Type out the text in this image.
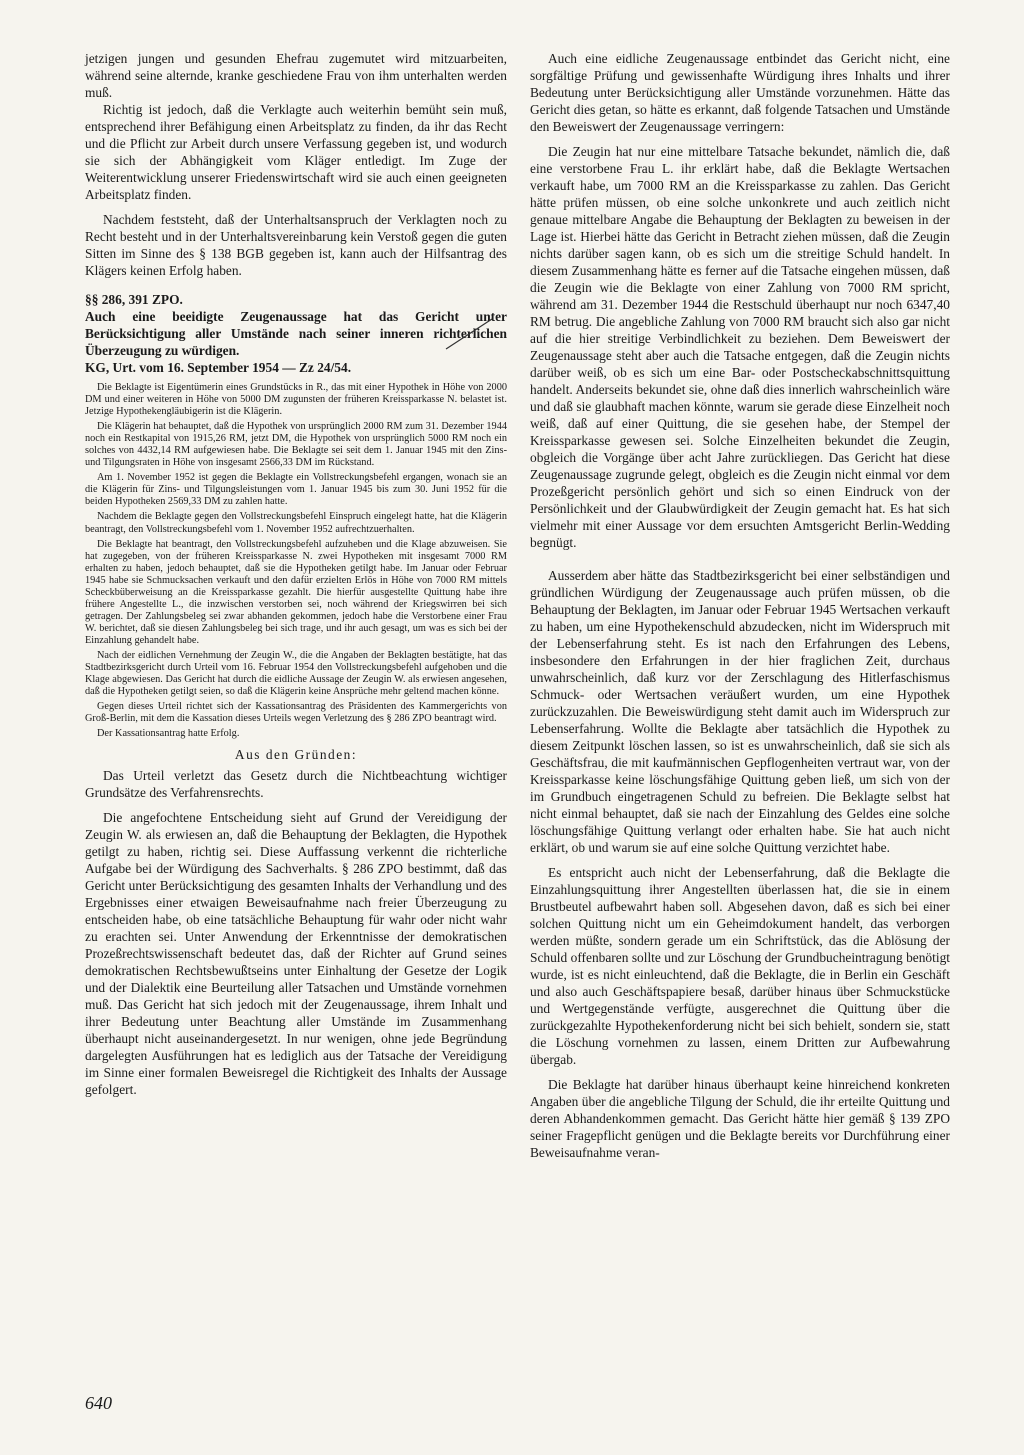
jetzigen jungen und gesunden Ehefrau zugemutet wird mitzuarbeiten, während seine alternde, kranke geschiedene Frau von ihm unterhalten werden muß.

Richtig ist jedoch, daß die Verklagte auch weiterhin bemüht sein muß, entsprechend ihrer Befähigung einen Arbeitsplatz zu finden, da ihr das Recht und die Pflicht zur Arbeit durch unsere Verfassung gegeben ist, und wodurch sie sich der Abhängigkeit vom Kläger entledigt. Im Zuge der Weiterentwicklung unserer Friedenswirtschaft wird sie auch einen geeigneten Arbeitsplatz finden.

Nachdem feststeht, daß der Unterhaltsanspruch der Verklagten noch zu Recht besteht und in der Unterhaltsvereinbarung kein Verstoß gegen die guten Sitten im Sinne des § 138 BGB gegeben ist, kann auch der Hilfsantrag des Klägers keinen Erfolg haben.

§§ 286, 391 ZPO.

Auch eine beeidigte Zeugenaussage hat das Gericht unter Berücksichtigung aller Umstände nach seiner inneren richterlichen Überzeugung zu würdigen.

KG, Urt. vom 16. September 1954 — Zz 24/54.

Die Beklagte ist Eigentümerin eines Grundstücks in R., das mit einer Hypothek in Höhe von 2000 DM und einer weiteren in Höhe von 5000 DM zugunsten der früheren Kreissparkasse N. belastet ist. Jetzige Hypothekengläubigerin ist die Klägerin.

Die Klägerin hat behauptet, daß die Hypothek von ursprünglich 2000 RM zum 31. Dezember 1944 noch ein Restkapital von 1915,26 RM, jetzt DM, die Hypothek von ursprünglich 5000 RM noch ein solches von 4432,14 RM aufgewiesen habe. Die Beklagte sei seit dem 1. Januar 1945 mit den Zins- und Tilgungsraten in Höhe von insgesamt 2566,33 DM im Rückstand.

Am 1. November 1952 ist gegen die Beklagte ein Vollstreckungsbefehl ergangen, wonach sie an die Klägerin für Zins- und Tilgungsleistungen vom 1. Januar 1945 bis zum 30. Juni 1952 für die beiden Hypotheken 2569,33 DM zu zahlen hatte.

Nachdem die Beklagte gegen den Vollstreckungsbefehl Einspruch eingelegt hatte, hat die Klägerin beantragt, den Vollstreckungsbefehl vom 1. November 1952 aufrechtzuerhalten.

Die Beklagte hat beantragt, den Vollstreckungsbefehl aufzuheben und die Klage abzuweisen. Sie hat zugegeben, von der früheren Kreissparkasse N. zwei Hypotheken mit insgesamt 7000 RM erhalten zu haben, jedoch behauptet, daß sie die Hypotheken getilgt habe. Im Januar oder Februar 1945 habe sie Schmucksachen verkauft und den dafür erzielten Erlös in Höhe von 7000 RM mittels Scheckbüberweisung an die Kreissparkasse gezahlt. Die hierfür ausgestellte Quittung habe ihre frühere Angestellte L., die inzwischen verstorben sei, noch während der Kriegswirren bei sich getragen. Der Zahlungsbeleg sei zwar abhanden gekommen, jedoch habe die Verstorbene einer Frau W. berichtet, daß sie diesen Zahlungsbeleg bei sich trage, und ihr auch gesagt, um was es sich bei der Einzahlung gehandelt habe.

Nach der eidlichen Vernehmung der Zeugin W., die die Angaben der Beklagten bestätigte, hat das Stadtbezirksgericht durch Urteil vom 16. Februar 1954 den Vollstreckungsbefehl aufgehoben und die Klage abgewiesen. Das Gericht hat durch die eidliche Aussage der Zeugin W. als erwiesen angesehen, daß die Hypotheken getilgt seien, so daß die Klägerin keine Ansprüche mehr geltend machen könne.

Gegen dieses Urteil richtet sich der Kassationsantrag des Präsidenten des Kammergerichts von Groß-Berlin, mit dem die Kassation dieses Urteils wegen Verletzung des § 286 ZPO beantragt wird.

Der Kassationsantrag hatte Erfolg.

Aus den Gründen:

Das Urteil verletzt das Gesetz durch die Nichtbeachtung wichtiger Grundsätze des Verfahrensrechts.

Die angefochtene Entscheidung sieht auf Grund der Vereidigung der Zeugin W. als erwiesen an, daß die Behauptung der Beklagten, die Hypothek getilgt zu haben, richtig sei. Diese Auffassung verkennt die richterliche Aufgabe bei der Würdigung des Sachverhalts. § 286 ZPO bestimmt, daß das Gericht unter Berücksichtigung des gesamten Inhalts der Verhandlung und des Ergebnisses einer etwaigen Beweisaufnahme nach freier Überzeugung zu entscheiden habe, ob eine tatsächliche Behauptung für wahr oder nicht wahr zu erachten sei. Unter Anwendung der Erkenntnisse der demokratischen Prozeßrechtswissenschaft bedeutet das, daß der Richter auf Grund seines demokratischen Rechtsbewußtseins unter Einhaltung der Gesetze der Logik und der Dialektik eine Beurteilung aller Tatsachen und Umstände vornehmen muß. Das Gericht hat sich jedoch mit der Zeugenaussage, ihrem Inhalt und ihrer Bedeutung unter Beachtung aller Umstände im Zusammenhang überhaupt nicht auseinandergesetzt. In nur wenigen, ohne jede Begründung dargelegten Ausführungen hat es lediglich aus der Tatsache der Vereidigung im Sinne einer formalen Beweisregel die Richtigkeit des Inhalts der Aussage gefolgert.

Auch eine eidliche Zeugenaussage entbindet das Gericht nicht, eine sorgfältige Prüfung und gewissenhafte Würdigung ihres Inhalts und ihrer Bedeutung unter Berücksichtigung aller Umstände vorzunehmen. Hätte das Gericht dies getan, so hätte es erkannt, daß folgende Tatsachen und Umstände den Beweiswert der Zeugenaussage verringern:

Die Zeugin hat nur eine mittelbare Tatsache bekundet, nämlich die, daß eine verstorbene Frau L. ihr erklärt habe, daß die Beklagte Wertsachen verkauft habe, um 7000 RM an die Kreissparkasse zu zahlen. Das Gericht hätte prüfen müssen, ob eine solche unkonkrete und auch zeitlich nicht genaue mittelbare Angabe die Behauptung der Beklagten zu beweisen in der Lage ist. Hierbei hätte das Gericht in Betracht ziehen müssen, daß die Zeugin nichts darüber sagen kann, ob es sich um die streitige Schuld handelt. In diesem Zusammenhang hätte es ferner auf die Tatsache eingehen müssen, daß die Zeugin wie die Beklagte von einer Zahlung von 7000 RM spricht, während am 31. Dezember 1944 die Restschuld überhaupt nur noch 6347,40 RM betrug. Die angebliche Zahlung von 7000 RM braucht sich also gar nicht auf die hier streitige Verbindlichkeit zu beziehen. Dem Beweiswert der Zeugenaussage steht aber auch die Tatsache entgegen, daß die Zeugin nichts darüber weiß, ob es sich um eine Bar- oder Postscheckabschnittsquittung handelt. Anderseits bekundet sie, ohne daß dies innerlich wahrscheinlich wäre und daß sie glaubhaft machen könnte, warum sie gerade diese Einzelheit noch weiß, daß auf einer Quittung, die sie gesehen habe, der Stempel der Kreissparkasse gewesen sei. Solche Einzelheiten bekundet die Zeugin, obgleich die Vorgänge über acht Jahre zurückliegen. Das Gericht hat diese Zeugenaussage zugrunde gelegt, obgleich es die Zeugin nicht einmal vor dem Prozeßgericht persönlich gehört und sich so einen Eindruck von der Persönlichkeit und der Glaubwürdigkeit der Zeugin gemacht hat. Es hat sich vielmehr mit einer Aussage vor dem ersuchten Amtsgericht Berlin-Wedding begnügt.

Ausserdem aber hätte das Stadtbezirksgericht bei einer selbständigen und gründlichen Würdigung der Zeugenaussage auch prüfen müssen, ob die Behauptung der Beklagten, im Januar oder Februar 1945 Wertsachen verkauft zu haben, um eine Hypothekenschuld abzudecken, nicht im Widerspruch mit der Lebenserfahrung steht. Es ist nach den Erfahrungen des Lebens, insbesondere den Erfahrungen in der hier fraglichen Zeit, durchaus unwahrscheinlich, daß kurz vor der Zerschlagung des Hitlerfaschismus Schmuck- oder Wertsachen veräußert wurden, um eine Hypothek zurückzuzahlen. Die Beweiswürdigung steht damit auch im Widerspruch zur Lebenserfahrung. Wollte die Beklagte aber tatsächlich die Hypothek zu diesem Zeitpunkt löschen lassen, so ist es unwahrscheinlich, daß sie sich als Geschäftsfrau, die mit kaufmännischen Gepflogenheiten vertraut war, von der Kreissparkasse keine löschungsfähige Quittung geben ließ, um sich von der im Grundbuch eingetragenen Schuld zu befreien. Die Beklagte selbst hat nicht einmal behauptet, daß sie nach der Einzahlung des Geldes eine solche löschungsfähige Quittung verlangt oder erhalten habe. Sie hat auch nicht erklärt, ob und warum sie auf eine solche Quittung verzichtet habe.

Es entspricht auch nicht der Lebenserfahrung, daß die Beklagte die Einzahlungsquittung ihrer Angestellten überlassen hat, die sie in einem Brustbeutel aufbewahrt haben soll. Abgesehen davon, daß es sich bei einer solchen Quittung nicht um ein Geheimdokument handelt, das verborgen werden müßte, sondern gerade um ein Schriftstück, das die Ablösung der Schuld offenbaren sollte und zur Löschung der Grundbucheintragung benötigt wurde, ist es nicht einleuchtend, daß die Beklagte, die in Berlin ein Geschäft und also auch Geschäftspapiere besaß, darüber hinaus über Schmuckstücke und Wertgegenstände verfügte, ausgerechnet die Quittung über die zurückgezahlte Hypothekenforderung nicht bei sich behielt, sondern sie, statt die Löschung vornehmen zu lassen, einem Dritten zur Aufbewahrung übergab.

Die Beklagte hat darüber hinaus überhaupt keine hinreichend konkreten Angaben über die angebliche Tilgung der Schuld, die ihr erteilte Quittung und deren Abhandenkommen gemacht. Das Gericht hätte hier gemäß § 139 ZPO seiner Fragepflicht genügen und die Beklagte bereits vor Durchführung einer Beweisaufnahme veran-

640
